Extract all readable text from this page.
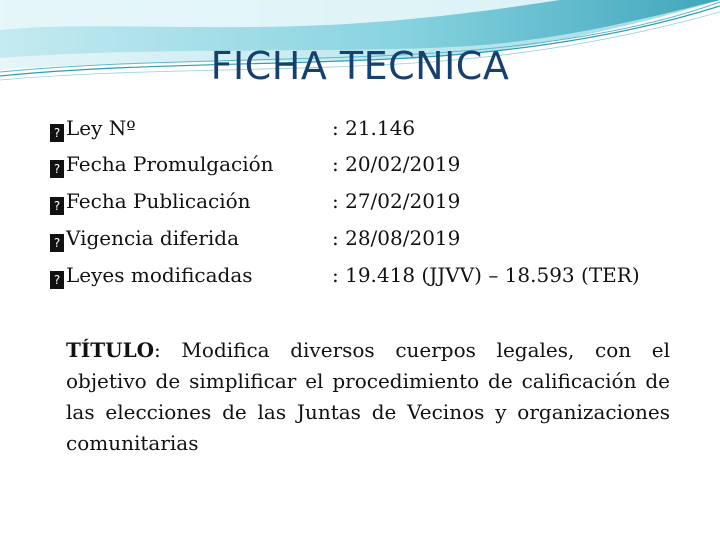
FICHA TECNICA
? Ley Nº	: 21.146
? Fecha Promulgación	: 20/02/2019
? Fecha Publicación	: 27/02/2019
? Vigencia diferida	: 28/08/2019
? Leyes modificadas	: 19.418 (JJVV) – 18.593 (TER)
TÍTULO: Modifica diversos cuerpos legales, con el objetivo de simplificar el procedimiento de calificación de las elecciones de las Juntas de Vecinos y organizaciones comunitarias
